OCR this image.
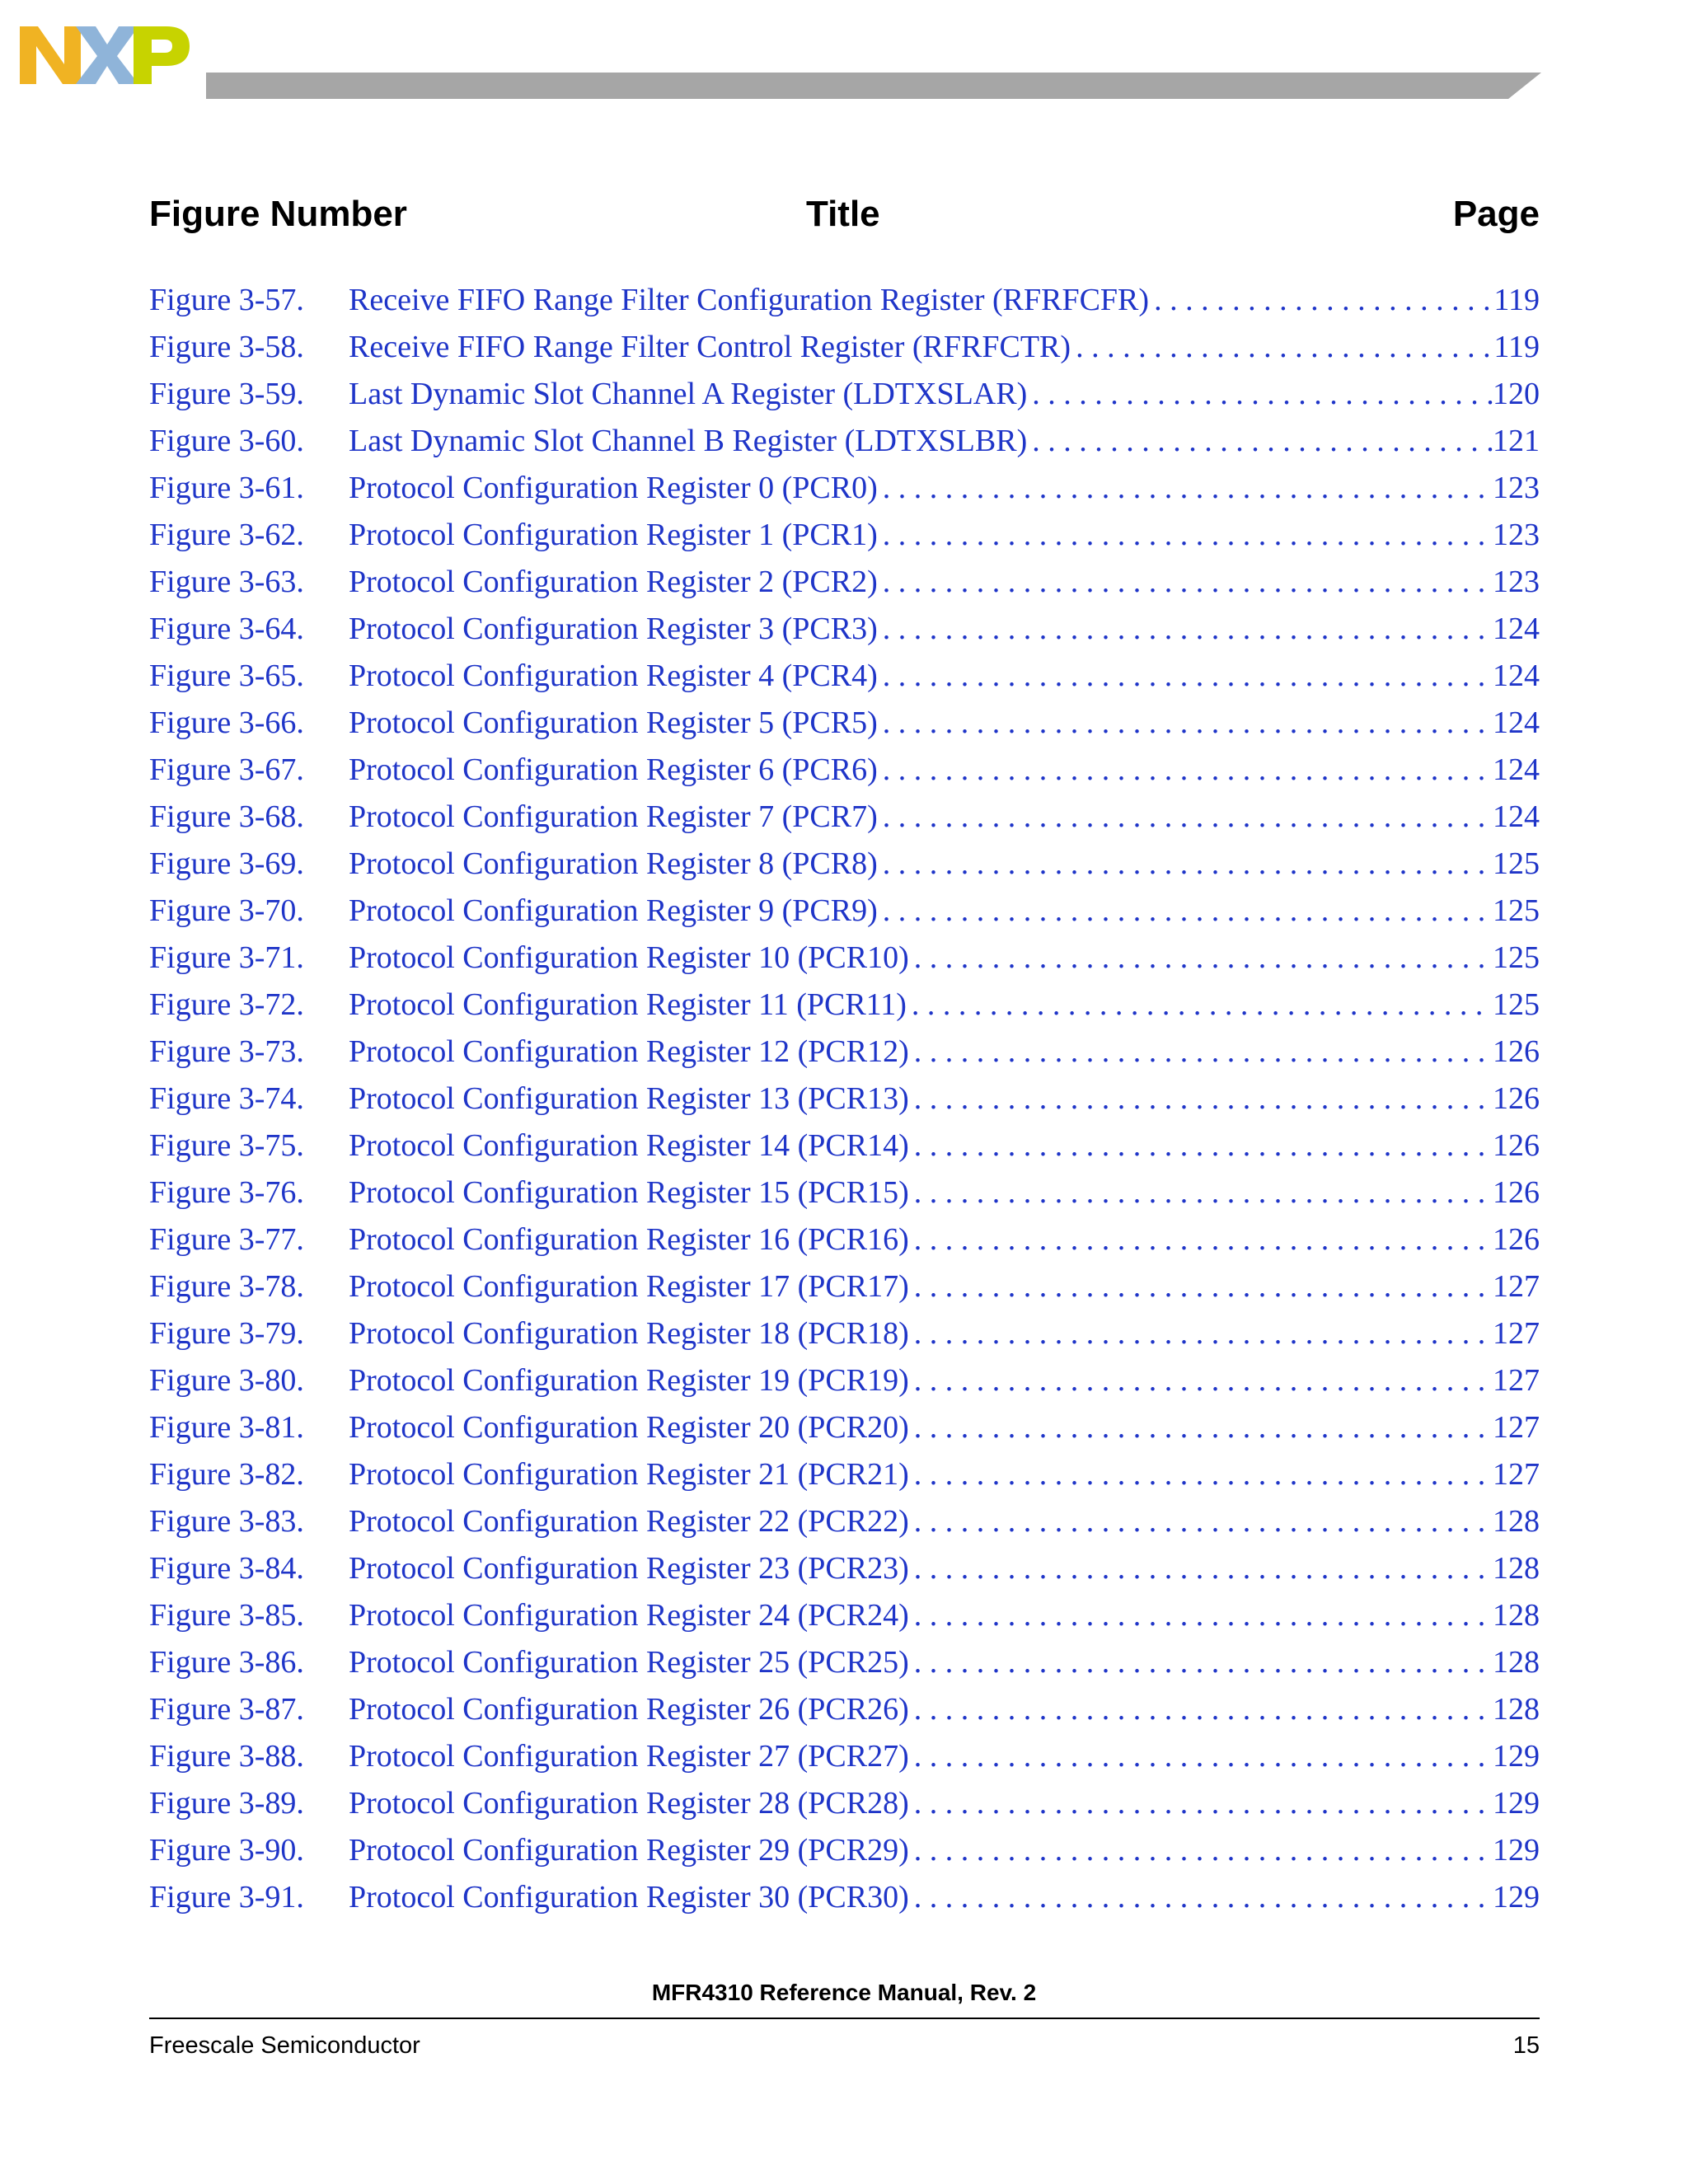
Figure Number	Title	Page
Figure 3-57.	Receive FIFO Range Filter Configuration Register (RFRFCFR) . . .	119
Figure 3-58.	Receive FIFO Range Filter Control Register (RFRFCTR) . . .	119
Figure 3-59.	Last Dynamic Slot Channel A Register (LDTXSLAR) . . .	120
Figure 3-60.	Last Dynamic Slot Channel B Register (LDTXSLBR) . . .	121
Figure 3-61.	Protocol Configuration Register 0 (PCR0) . . .	123
Figure 3-62.	Protocol Configuration Register 1 (PCR1) . . .	123
Figure 3-63.	Protocol Configuration Register 2 (PCR2) . . .	123
Figure 3-64.	Protocol Configuration Register 3 (PCR3) . . .	124
Figure 3-65.	Protocol Configuration Register 4 (PCR4) . . .	124
Figure 3-66.	Protocol Configuration Register 5 (PCR5) . . .	124
Figure 3-67.	Protocol Configuration Register 6 (PCR6) . . .	124
Figure 3-68.	Protocol Configuration Register 7 (PCR7) . . .	124
Figure 3-69.	Protocol Configuration Register 8 (PCR8) . . .	125
Figure 3-70.	Protocol Configuration Register 9 (PCR9) . . .	125
Figure 3-71.	Protocol Configuration Register 10 (PCR10) . . .	125
Figure 3-72.	Protocol Configuration Register 11 (PCR11) . . .	125
Figure 3-73.	Protocol Configuration Register 12 (PCR12) . . .	126
Figure 3-74.	Protocol Configuration Register 13 (PCR13) . . .	126
Figure 3-75.	Protocol Configuration Register 14 (PCR14) . . .	126
Figure 3-76.	Protocol Configuration Register 15 (PCR15) . . .	126
Figure 3-77.	Protocol Configuration Register 16 (PCR16) . . .	126
Figure 3-78.	Protocol Configuration Register 17 (PCR17) . . .	127
Figure 3-79.	Protocol Configuration Register 18 (PCR18) . . .	127
Figure 3-80.	Protocol Configuration Register 19 (PCR19) . . .	127
Figure 3-81.	Protocol Configuration Register 20 (PCR20) . . .	127
Figure 3-82.	Protocol Configuration Register 21 (PCR21) . . .	127
Figure 3-83.	Protocol Configuration Register 22 (PCR22) . . .	128
Figure 3-84.	Protocol Configuration Register 23 (PCR23) . . .	128
Figure 3-85.	Protocol Configuration Register 24 (PCR24) . . .	128
Figure 3-86.	Protocol Configuration Register 25 (PCR25) . . .	128
Figure 3-87.	Protocol Configuration Register 26 (PCR26) . . .	128
Figure 3-88.	Protocol Configuration Register 27 (PCR27) . . .	129
Figure 3-89.	Protocol Configuration Register 28 (PCR28) . . .	129
Figure 3-90.	Protocol Configuration Register 29 (PCR29) . . .	129
Figure 3-91.	Protocol Configuration Register 30 (PCR30) . . .	129
MFR4310 Reference Manual, Rev. 2
Freescale Semiconductor	15
